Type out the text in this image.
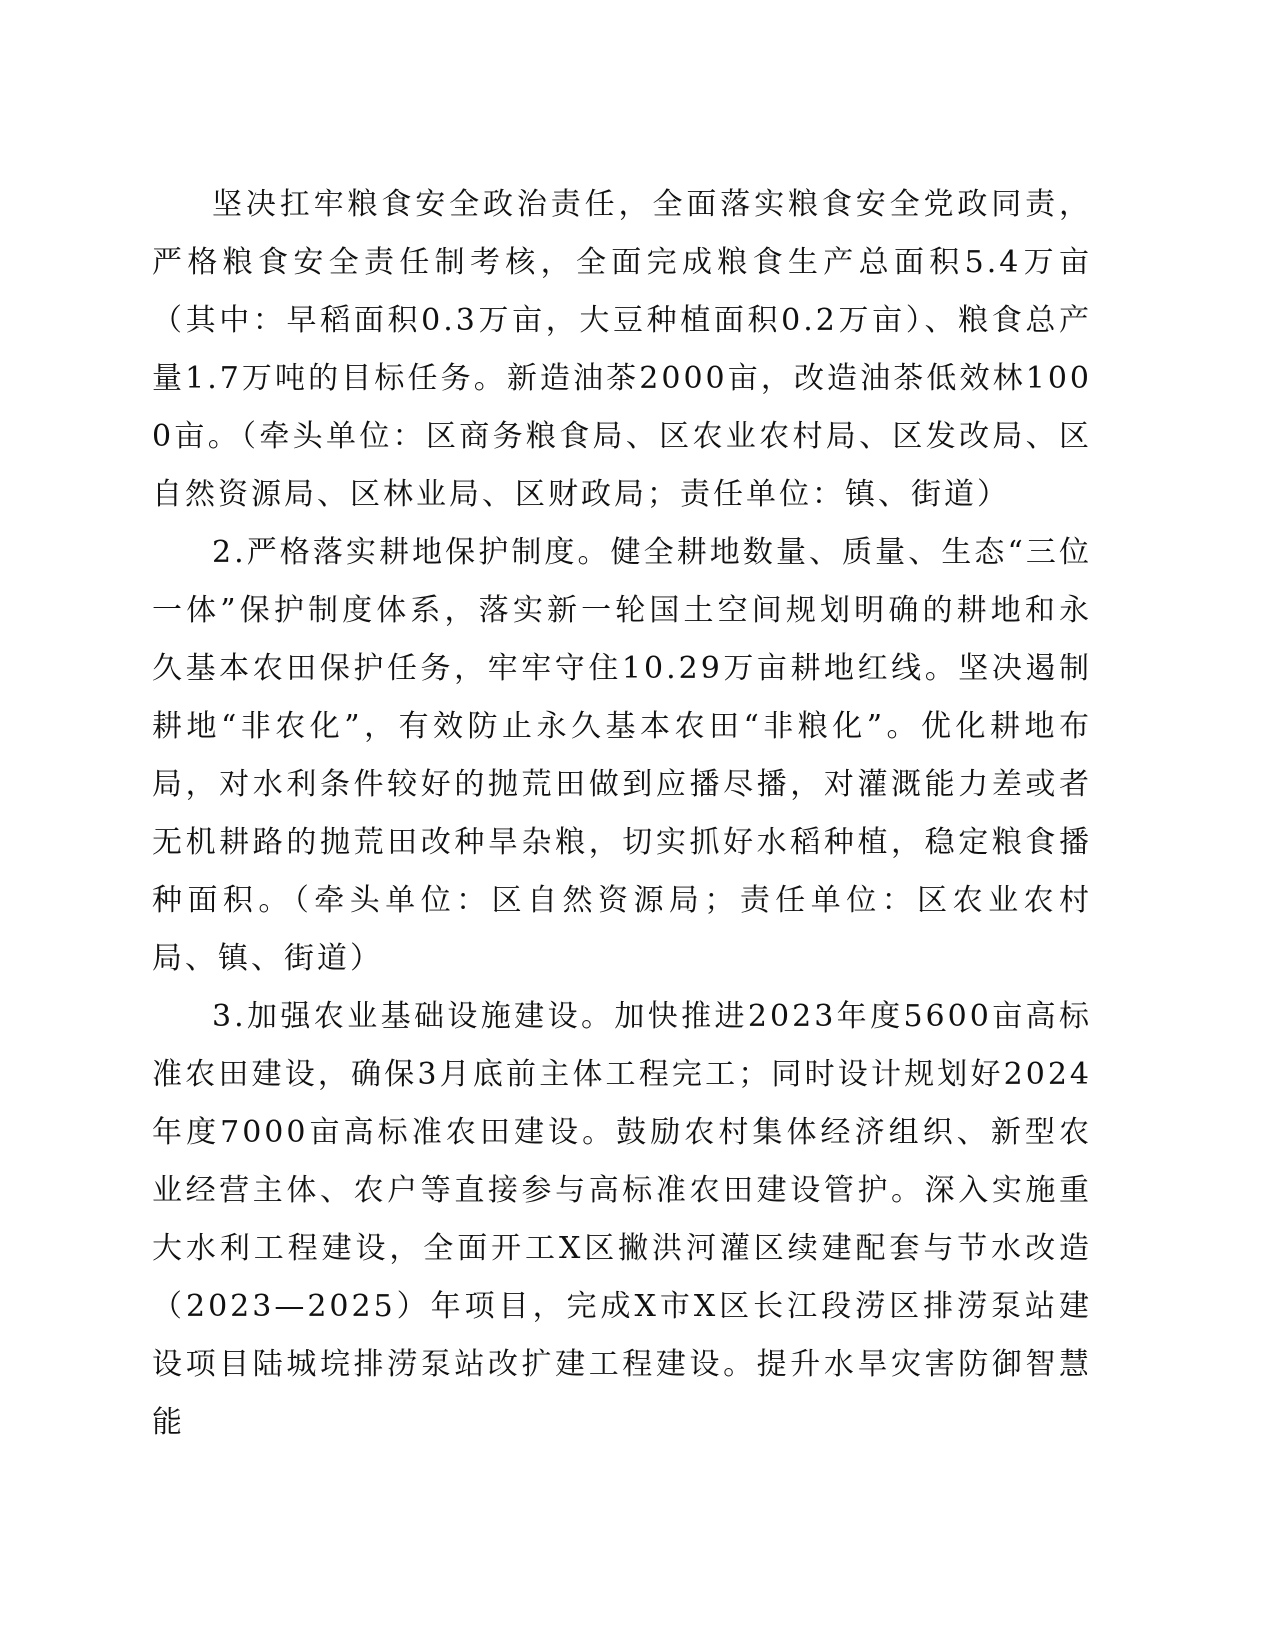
坚决扛牢粮食安全政治责任，全面落实粮食安全党政同责，严格粮食安全责任制考核，全面完成粮食生产总面积5.4万亩（其中：早稻面积0.3万亩，大豆种植面积0.2万亩）、粮食总产量1.7万吨的目标任务。新造油茶2000亩，改造油茶低效林1000亩。（牵头单位：区商务粮食局、区农业农村局、区发改局、区自然资源局、区林业局、区财政局；责任单位：镇、街道）

2.严格落实耕地保护制度。健全耕地数量、质量、生态“三位一体”保护制度体系，落实新一轮国土空间规划明确的耕地和永久基本农田保护任务，牢牢守住10.29万亩耕地红线。坚决遏制耕地“非农化”，有效防止永久基本农田“非粮化”。优化耕地布局，对水利条件较好的抛荒田做到应播尽播，对灌溉能力差或者无机耕路的抛荒田改种旱杂粮，切实抓好水稻种植，稳定粮食播种面积。（牵头单位：区自然资源局；责任单位：区农业农村局、镇、街道）

3.加强农业基础设施建设。加快推进2023年度5600亩高标准农田建设，确保3月底前主体工程完工；同时设计规划好2024年度7000亩高标准农田建设。鼓励农村集体经济组织、新型农业经营主体、农户等直接参与高标准农田建设管护。深入实施重大水利工程建设，全面开工X区撇洪河灌区续建配套与节水改造（2023—2025）年项目，完成X市X区长江段涝区排涝泵站建设项目陆城垸排涝泵站改扩建工程建设。提升水旱灾害防御智慧能
